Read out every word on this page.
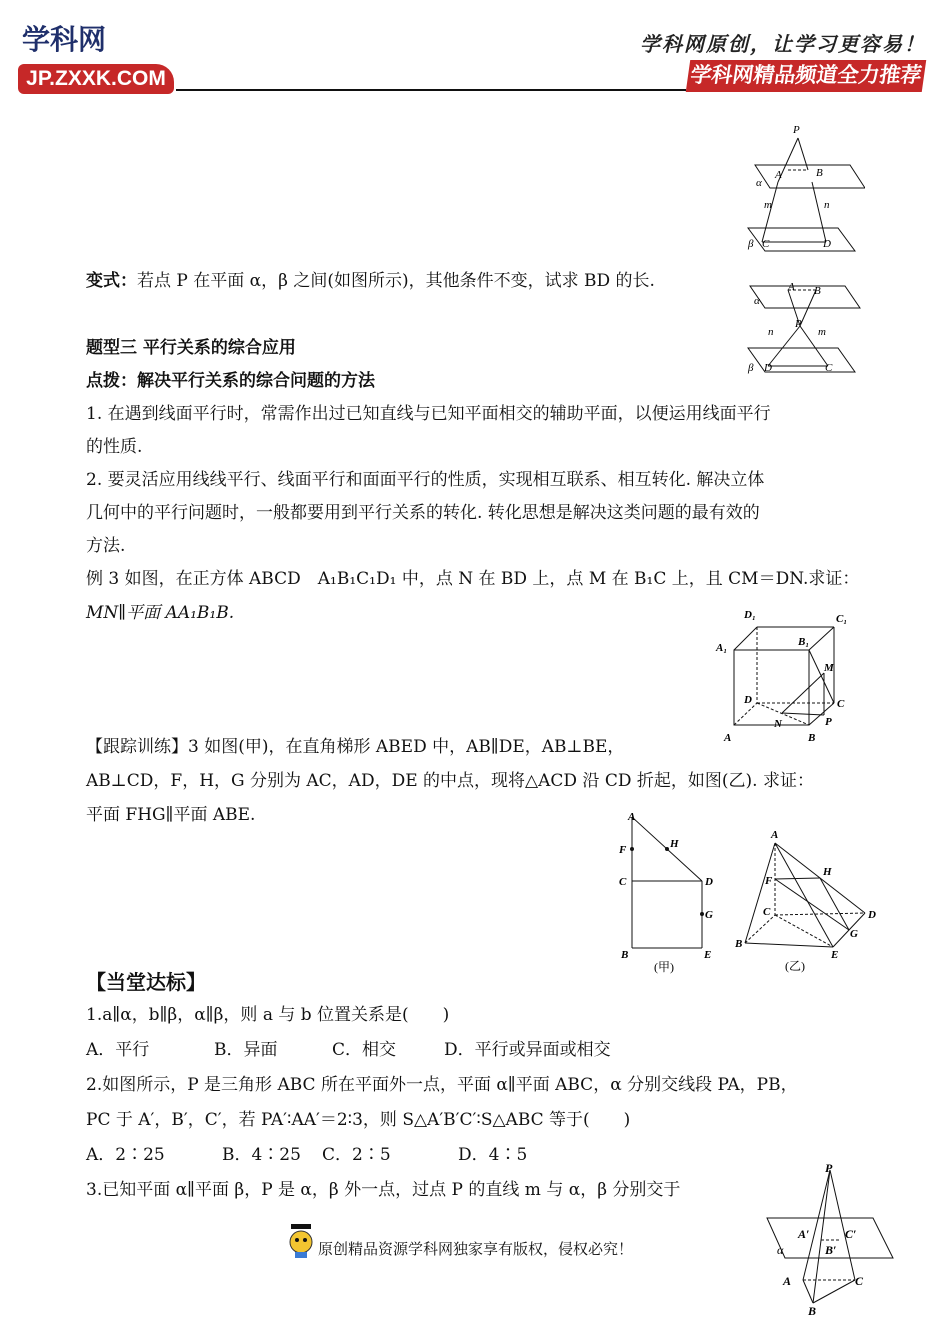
学科网
JP.ZXXK.COM
学科网原创，让学习更容易！
学科网精品频道全力推荐
P
A	B
α
m	n
β C	D
变式：若点 P 在平面 α，β 之间(如图所示)，其他条件不变，试求 BD 的长.
α
A B
n
P
m
β D	C
题型三 平行关系的综合应用
点拨：解决平行关系的综合问题的方法
1. 在遇到线面平行时，常需作出过已知直线与已知平面相交的辅助平面，以便运用线面平行
的性质.
2. 要灵活应用线线平行、线面平行和面面平行的性质，实现相互联系、相互转化. 解决立体
几何中的平行问题时，一般都要用到平行关系的转化. 转化思想是解决这类问题的最有效的
方法.
例 3 如图，在正方体 ABCD　A₁B₁C₁D₁ 中，点 N 在 BD 上，点 M 在 B₁C 上，且 CM＝DN.求证：
MN∥平面 AA₁B₁B.	D₁	C₁
A₁	B₁
M
D	C
N	P
A	B
【跟踪训练】3 如图(甲)，在直角梯形 ABED 中，AB∥DE，AB⊥BE，
AB⊥CD，F，H，G 分别为 AC，AD，DE 的中点，现将△ACD 沿 CD 折起，如图(乙). 求证：
平面 FHG∥平面 ABE.	A
H
F
C	D
G
B	E
(甲)
A
H
F
C	D
G
B
E
(乙)
【当堂达标】
1.a∥α，b∥β，α∥β，则 a 与 b 位置关系是(　　)
A．平行	B．异面	C．相交	D．平行或异面或相交
2.如图所示，P 是三角形 ABC 所在平面外一点，平面 α∥平面 ABC，α 分别交线段 PA，PB，
PC 于 A′，B′，C′，若 PA′∶AA′＝2∶3，则 S△A′B′C′∶S△ABC 等于(　　)
A．2∶25	B．4∶25 C．2∶5	D．4∶5
3.已知平面 α∥平面 β，P 是 α，β 外一点，过点 P 的直线 m 与 α，β 分别交于
P
A′	C′
B′
α
A	C
B
原创精品资源学科网独家享有版权，侵权必究！
